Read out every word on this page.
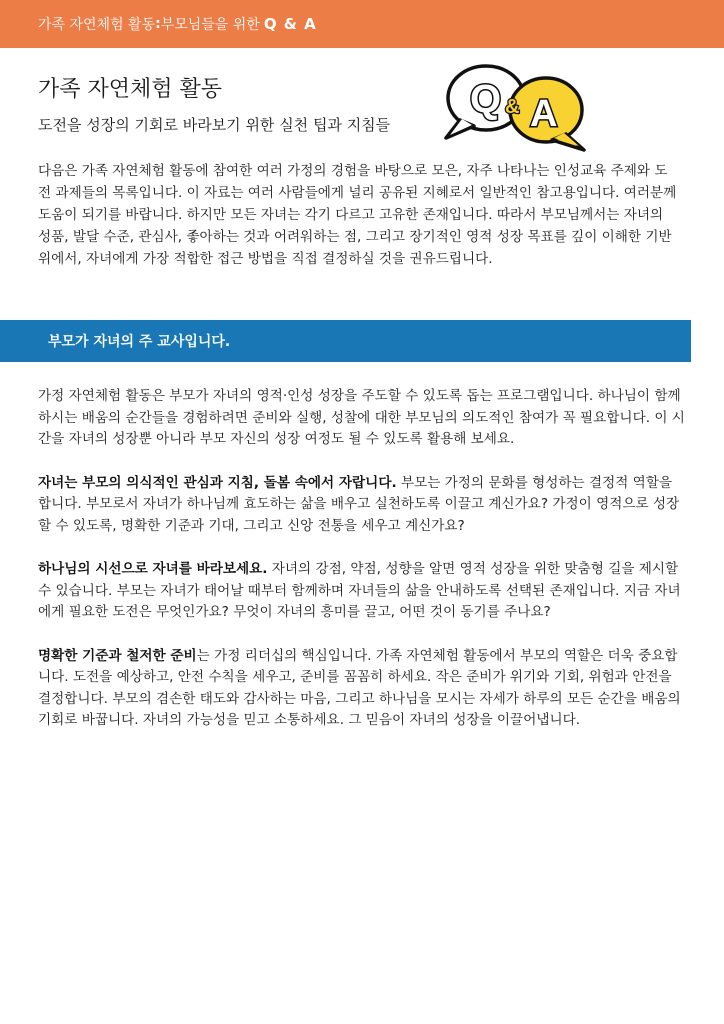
가족 자연체험 활동 : 부모님들을 위한 Q & A
가족 자연체험 활동

도전을 성장의 기회로 바라보기 위한 실천 팁과 지침들

Q & A

다음은 가족 자연체험 활동에 참여한 여러 가정의 경험을 바탕으로 모은, 자주 나타나는 인성교육 주제와 도전 과제들의 목록입니다. 이 자료는 여러 사람들에게 널리 공유된 지혜로서 일반적인 참고용입니다. 여러분께 도움이 되기를 바랍니다. 하지만 모든 자녀는 각기 다르고 고유한 존재입니다. 따라서 부모님께서는 자녀의 성품, 발달 수준, 관심사, 좋아하는 것과 어려워하는 점, 그리고 장기적인 영적 성장 목표를 깊이 이해한 기반 위에서, 자녀에게 가장 적합한 접근 방법을 직접 결정하실 것을 권유드립니다.

부모가 자녀의 주 교사입니다.

가정 자연체험 활동은 부모가 자녀의 영적·인성 성장을 주도할 수 있도록 돕는 프로그램입니다. 하나님이 함께하시는 배움의 순간들을 경험하려면 준비와 실행, 성찰에 대한 부모님의 의도적인 참여가 꼭 필요합니다. 이 시간을 자녀의 성장뿐 아니라 부모 자신의 성장 여정도 될 수 있도록 활용해 보세요.

자녀는 부모의 의식적인 관심과 지침, 돌봄 속에서 자랍니다. 부모는 가정의 문화를 형성하는 결정적 역할을 합니다. 부모로서 자녀가 하나님께 효도하는 삶을 배우고 실천하도록 이끌고 계신가요? 가정이 영적으로 성장할 수 있도록, 명확한 기준과 기대, 그리고 신앙 전통을 세우고 계신가요?

하나님의 시선으로 자녀를 바라보세요. 자녀의 강점, 약점, 성향을 알면 영적 성장을 위한 맞춤형 길을 제시할 수 있습니다. 부모는 자녀가 태어날 때부터 함께하며 자녀들의 삶을 안내하도록 선택된 존재입니다. 지금 자녀에게 필요한 도전은 무엇인가요? 무엇이 자녀의 흥미를 끌고, 어떤 것이 동기를 주나요?

명확한 기준과 철저한 준비는 가정 리더십의 핵심입니다. 가족 자연체험 활동에서 부모의 역할은 더욱 중요합니다. 도전을 예상하고, 안전 수칙을 세우고, 준비를 꼼꼼히 하세요. 작은 준비가 위기와 기회, 위험과 안전을 결정합니다. 부모의 겸손한 태도와 감사하는 마음, 그리고 하나님을 모시는 자세가 하루의 모든 순간을 배움의 기회로 바꿉니다. 자녀의 가능성을 믿고 소통하세요. 그 믿음이 자녀의 성장을 이끌어냅니다.
